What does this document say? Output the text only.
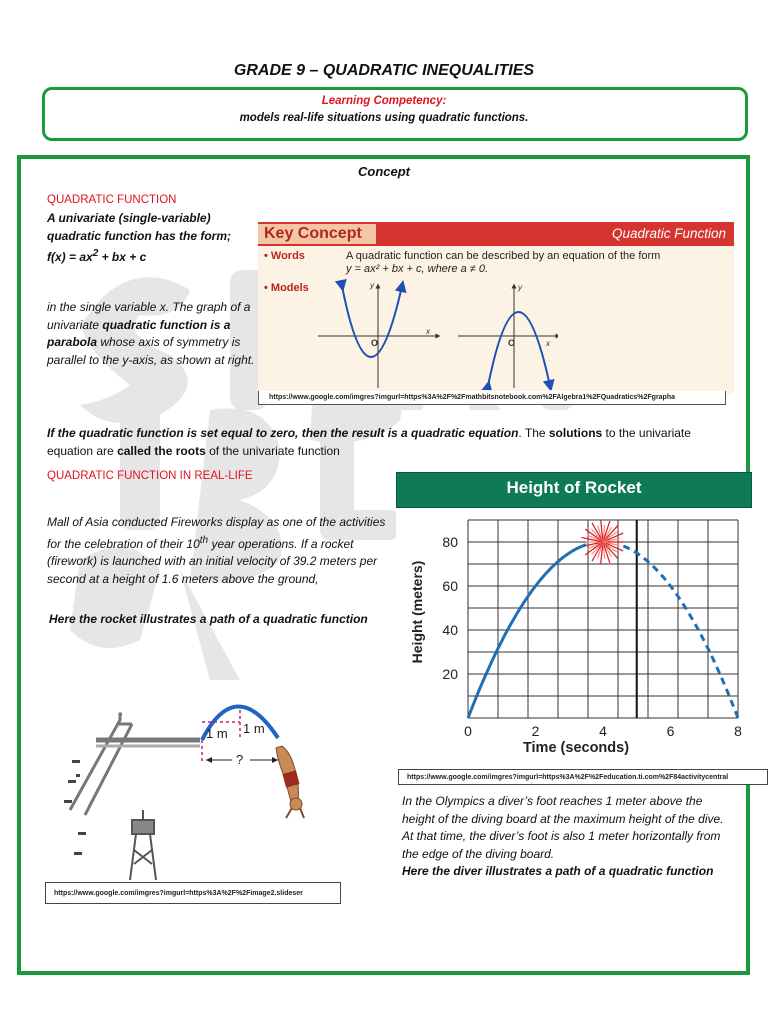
GRADE 9 – QUADRATIC INEQUALITIES
Learning Competency:
models real-life situations using quadratic functions.
Concept
QUADRATIC FUNCTION
A univariate (single-variable) quadratic function has the form;
$f(x) = ax^2$ + bx + c
in the single variable x. The graph of a univariate quadratic function is a parabola whose axis of symmetry is parallel to the y-axis, as shown at right.
Key Concept	Quadratic Function
• Words	A quadratic function can be described by an equation of the form
y = ax² + bx + c, where a ≠ 0.
• Models	y
x
O
y
x
O
https://www.google.com/imgres?imgurl=https%3A%2F%2Fmathbitsnotebook.com%2FAlgebra1%2FQuadratics%2Fgrapha
If the quadratic function is set equal to zero, then the result is a quadratic equation. The solutions to the univariate equation are called the roots of the univariate function
QUADRATIC FUNCTION IN REAL-LIFE
Mall of Asia conducted Fireworks display as one of the activities for the celebration of their 10th year operations. If a rocket (firework) is launched with an initial velocity of 39.2 meters per second at a height of 1.6 meters above the ground,
Here the rocket illustrates a path of a quadratic function
Height of Rocket
0	2	4	6	8
20
40
60
80
Time (seconds)
Height (meters)
https://www.google.com/imgres?imgurl=https%3A%2F%2Feducation.ti.com%2F84activitycentral
1 m 1 m
?
https://www.google.com/imgres?imgurl=https%3A%2F%2Fimage2.slideser
In the Olympics a diver’s foot reaches 1 meter above the height of the diving board at the maximum height of the dive. At that time, the diver’s foot is also 1 meter horizontally from the edge of the diving board.
Here the diver illustrates a path of a quadratic function
